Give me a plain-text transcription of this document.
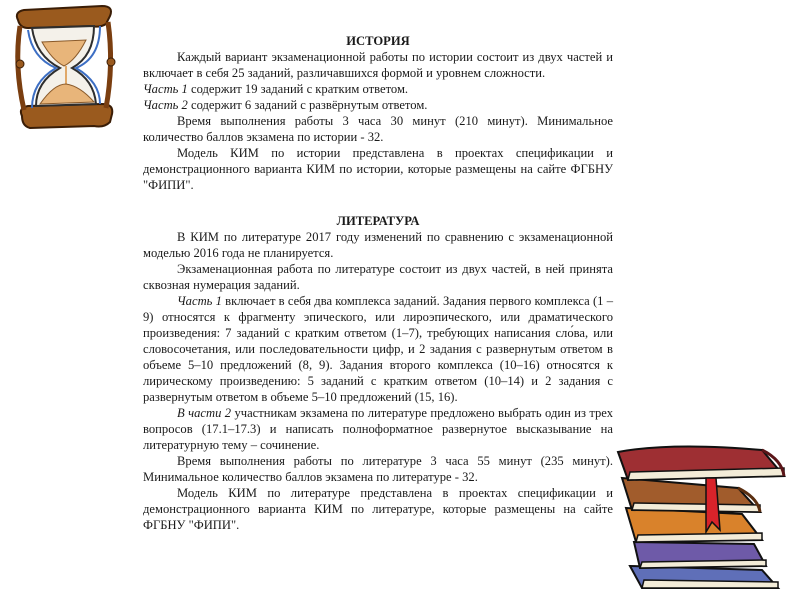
ИСТОРИЯ

Каждый вариант экзаменационной работы по истории состоит из двух частей и включает в себя 25 заданий, различавшихся формой и уровнем сложности.

Часть 1 содержит 19 заданий с кратким ответом.

Часть 2 содержит 6 заданий с развёрнутым ответом.

Время выполнения работы 3 часа 30 минут (210 минут). Минимальное количество баллов экзамена по истории - 32.

Модель КИМ по истории представлена в проектах спецификации и демонстрационного варианта КИМ по истории, которые размещены на сайте ФГБНУ "ФИПИ".

ЛИТЕРАТУРА

В КИМ по литературе 2017 году изменений по сравнению с экзаменационной моделью 2016 года не планируется.

Экзаменационная работа по литературе состоит из двух частей, в ней принята сквозная нумерация заданий.

Часть 1 включает в себя два комплекса заданий. Задания первого комплекса (1 – 9) относятся к фрагменту эпического, или лироэпического, или драматического произведения: 7 заданий с кратким ответом (1–7), требующих написания сло́ва, или словосочетания, или последовательности цифр, и 2 задания с развернутым ответом в объеме 5–10 предложений (8, 9). Задания второго комплекса (10–16) относятся к лирическому произведению: 5 заданий с кратким ответом (10–14) и 2 задания с развернутым ответом в объеме 5–10 предложений (15, 16).

В части 2 участникам экзамена по литературе предложено выбрать один из трех вопросов (17.1–17.3) и написать полноформатное развернутое высказывание на литературную тему – сочинение.

Время выполнения работы по литературе 3 часа 55 минут (235 минут). Минимальное количество баллов экзамена по литературе - 32.

Модель КИМ по литературе представлена в проектах спецификации и демонстрационного варианта КИМ по литературе, которые размещены на сайте ФГБНУ "ФИПИ".
